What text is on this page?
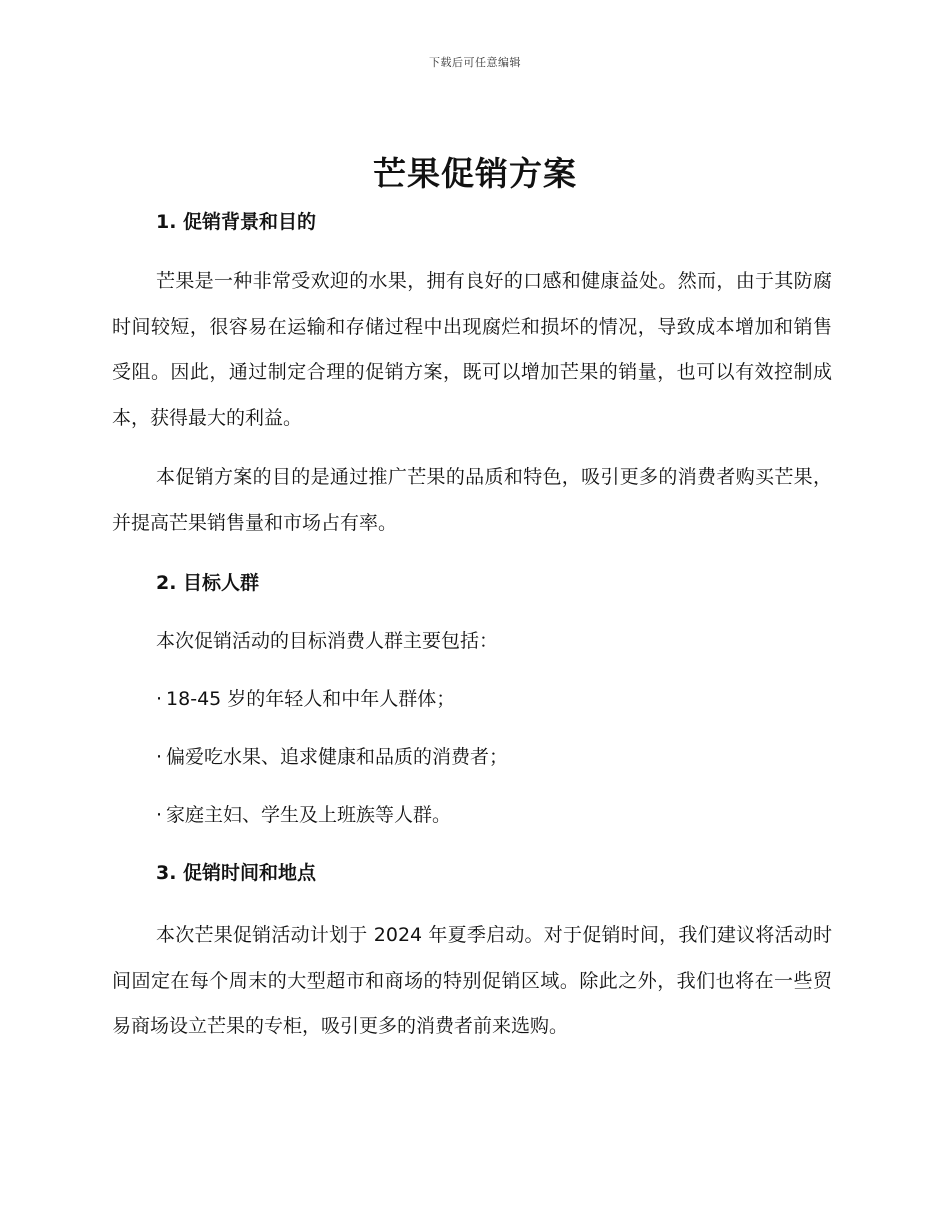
下载后可任意编辑
芒果促销方案
1. 促销背景和目的

芒果是一种非常受欢迎的水果，拥有良好的口感和健康益处。然而，由于其防腐时间较短，很容易在运输和存储过程中出现腐烂和损坏的情况，导致成本增加和销售受阻。因此，通过制定合理的促销方案，既可以增加芒果的销量，也可以有效控制成本，获得最大的利益。

本促销方案的目的是通过推广芒果的品质和特色，吸引更多的消费者购买芒果，并提高芒果销售量和市场占有率。

2. 目标人群

本次促销活动的目标消费人群主要包括：

· 18-45 岁的年轻人和中年人群体；

· 偏爱吃水果、追求健康和品质的消费者；

· 家庭主妇、学生及上班族等人群。

3. 促销时间和地点

本次芒果促销活动计划于 2024 年夏季启动。对于促销时间，我们建议将活动时间固定在每个周末的大型超市和商场的特别促销区域。除此之外，我们也将在一些贸易商场设立芒果的专柜，吸引更多的消费者前来选购。
